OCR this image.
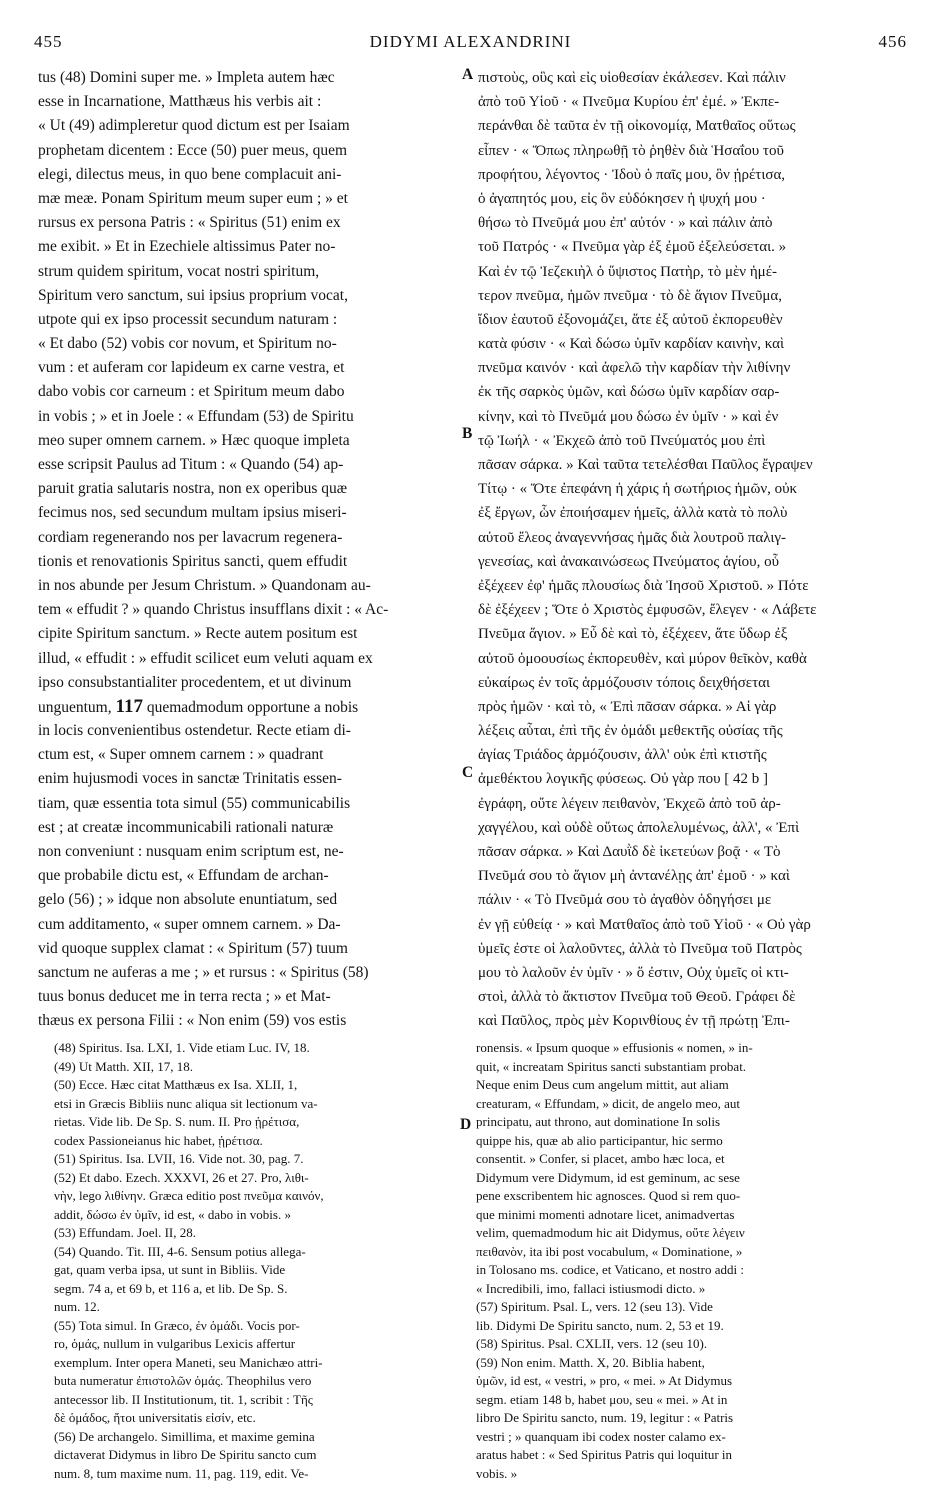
455	DIDYMI ALEXANDRINI	456
A
B
C
D
tus (48) Domini super me. » Impleta autem hæc
esse in Incarnatione, Matthæus his verbis ait :
« Ut (49) adimpleretur quod dictum est per Isaiam
prophetam dicentem : Ecce (50) puer meus, quem
elegi, dilectus meus, in quo bene complacuit ani-
mæ meæ. Ponam Spiritum meum super eum ; » et
rursus ex persona Patris : « Spiritus (51) enim ex
me exibit. » Et in Ezechiele altissimus Pater no-
strum quidem spiritum, vocat nostri spiritum,
Spiritum vero sanctum, sui ipsius proprium vocat,
utpote qui ex ipso processit secundum naturam :
« Et dabo (52) vobis cor novum, et Spiritum no-
vum : et auferam cor lapideum ex carne vestra, et
dabo vobis cor carneum : et Spiritum meum dabo
in vobis ; » et in Joele : « Effundam (53) de Spiritu
meo super omnem carnem. » Hæc quoque impleta
esse scripsit Paulus ad Titum : « Quando (54) ap-
paruit gratia salutaris nostra, non ex operibus quæ
fecimus nos, sed secundum multam ipsius miseri-
cordiam regenerando nos per lavacrum regenera-
tionis et renovationis Spiritus sancti, quem effudit
in nos abunde per Jesum Christum. » Quandonam au-
tem « effudit ? » quando Christus insufflans dixit : « Ac-
cipite Spiritum sanctum. » Recte autem positum est
illud, « effudit : » effudit scilicet eum veluti aquam ex
ipso consubstantialiter procedentem, et ut divinum
unguentum, 117 quemadmodum opportune a nobis
in locis convenientibus ostendetur. Recte etiam di-
ctum est, « Super omnem carnem : » quadrant
enim hujusmodi voces in sanctæ Trinitatis essen-
tiam, quæ essentia tota simul (55) communicabilis
est ; at creatæ incommunicabili rationali naturæ
non conveniunt : nusquam enim scriptum est, ne-
que probabile dictu est, « Effundam de archan-
gelo (56) ; » idque non absolute enuntiatum, sed
cum additamento, « super omnem carnem. » Da-
vid quoque supplex clamat : « Spiritum (57) tuum
sanctum ne auferas a me ; » et rursus : « Spiritus (58)
tuus bonus deducet me in terra recta ; » et Mat-
thæus ex persona Filii : « Non enim (59) vos estis
πιστοὺς, οὓς καὶ εἰς υἱοθεσίαν ἐκάλεσεν. Καὶ πάλιν
ἀπὸ τοῦ Υἱοῦ · « Πνεῦμα Κυρίου ἐπ' ἐμέ. » Ἐκπε-
περάνθαι δὲ ταῦτα ἐν τῇ οἰκονομίᾳ, Ματθαῖος οὕτως
εἶπεν · « Ὅπως πληρωθῇ τὸ ῥηθὲν διὰ Ἡσαΐου τοῦ
προφήτου, λέγοντος · Ἰδοὺ ὁ παῖς μου, ὃν ᾑρέτισα,
ὁ ἀγαπητός μου, εἰς ὃν εὐδόκησεν ἡ ψυχή μου ·
θήσω τὸ Πνεῦμά μου ἐπ' αὐτόν · » καὶ πάλιν ἀπὸ
τοῦ Πατρός · « Πνεῦμα γὰρ ἐξ ἐμοῦ ἐξελεύσεται. »
Καὶ ἐν τῷ Ἰεζεκιὴλ ὁ ὕψιστος Πατὴρ, τὸ μὲν ἡμέ-
τερον πνεῦμα, ἡμῶν πνεῦμα · τὸ δὲ ἅγιον Πνεῦμα,
ἴδιον ἑαυτοῦ ἐξονομάζει, ἅτε ἐξ αὐτοῦ ἐκπορευθὲν
κατὰ φύσιν · « Καὶ δώσω ὑμῖν καρδίαν καινὴν, καὶ
πνεῦμα καινόν · καὶ ἀφελῶ τὴν καρδίαν τὴν λιθίνην
ἐκ τῆς σαρκὸς ὑμῶν, καὶ δώσω ὑμῖν καρδίαν σαρ-
κίνην, καὶ τὸ Πνεῦμά μου δώσω ἐν ὑμῖν · » καὶ ἐν
τῷ Ἰωήλ · « Ἐκχεῶ ἀπὸ τοῦ Πνεύματός μου ἐπὶ
πᾶσαν σάρκα. » Καὶ ταῦτα τετελέσθαι Παῦλος ἔγραψεν
Τίτῳ · « Ὅτε ἐπεφάνη ἡ χάρις ἡ σωτήριος ἡμῶν, οὐκ
ἐξ ἔργων, ὧν ἐποιήσαμεν ἡμεῖς, ἀλλὰ κατὰ τὸ πολὺ
αὐτοῦ ἔλεος ἀναγεννήσας ἡμᾶς διὰ λουτροῦ παλιγ-
γενεσίας, καὶ ἀνακαινώσεως Πνεύματος ἁγίου, οὗ
ἐξέχεεν ἐφ' ἡμᾶς πλουσίως διὰ Ἰησοῦ Χριστοῦ. » Πότε
δὲ ἐξέχεεν ; Ὅτε ὁ Χριστὸς ἐμφυσῶν, ἔλεγεν · « Λάβετε
Πνεῦμα ἅγιον. » Εὖ δὲ καὶ τὸ, ἐξέχεεν, ἅτε ὕδωρ ἐξ
αὐτοῦ ὁμοουσίως ἐκπορευθὲν, καὶ μύρον θεῖκὸν, καθὰ
εὐκαίρως ἐν τοῖς ἁρμόζουσιν τόποις δειχθήσεται
πρὸς ἡμῶν · καὶ τὸ, « Ἐπὶ πᾶσαν σάρκα. » Αἱ γὰρ
λέξεις αὗται, ἐπὶ τῆς ἐν ὁμάδι μεθεκτῆς οὐσίας τῆς
ἁγίας Τριάδος ἁρμόζουσιν, ἀλλ' οὐκ ἐπὶ κτιστῆς
ἀμεθέκτου λογικῆς φύσεως. Οὐ γὰρ που [ 42 b ]
ἐγράφη, οὔτε λέγειν πειθανὸν, Ἐκχεῶ ἀπὸ τοῦ ἀρ-
χαγγέλου, καὶ οὐδὲ οὕτως ἀπολελυμένως, ἀλλ', « Ἐπὶ
πᾶσαν σάρκα. » Καὶ Δαυῒδ δὲ ἱκετεύων βοᾷ · « Τὸ
Πνεῦμά σου τὸ ἅγιον μὴ ἀντανέλῃς ἀπ' ἐμοῦ · » καὶ
πάλιν · « Τὸ Πνεῦμά σου τὸ ἀγαθὸν ὁδηγήσει με
ἐν γῇ εὐθείᾳ · » καὶ Ματθαῖος ἀπὸ τοῦ Υἱοῦ · « Οὐ γὰρ
ὑμεῖς ἐστε οἱ λαλοῦντες, ἀλλὰ τὸ Πνεῦμα τοῦ Πατρὸς
μου τὸ λαλοῦν ἐν ὑμῖν · » ὅ ἐστιν, Οὐχ ὑμεῖς οἱ κτι-
στοὶ, ἀλλὰ τὸ ἄκτιστον Πνεῦμα τοῦ Θεοῦ. Γράφει δὲ
καὶ Παῦλος, πρὸς μὲν Κορινθίους ἐν τῇ πρώτῃ Ἐπι-
(48) Spiritus. Isa. LXI, 1. Vide etiam Luc. IV, 18.
(49) Ut Matth. XII, 17, 18.
(50) Ecce. Hæc citat Matthæus ex Isa. XLII, 1,
etsi in Græcis Bibliis nunc aliqua sit lectionum va-
rietas. Vide lib. De Sp. S. num. II. Pro ᾑρέτισα,
codex Passioneianus hic habet, ᾑρέτισα.
(51) Spiritus. Isa. LVII, 16. Vide not. 30, pag. 7.
(52) Et dabo. Ezech. XXXVI, 26 et 27. Pro, λιθι-
νὴν, lego λιθίνην. Græca editio post πνεῦμα καινόν,
addit, δώσω ἐν ὑμῖν, id est, « dabo in vobis. »
(53) Effundam. Joel. II, 28.
(54) Quando. Tit. III, 4-6. Sensum potius allega-
gat, quam verba ipsa, ut sunt in Bibliis. Vide
segm. 74 a, et 69 b, et 116 a, et lib. De Sp. S.
num. 12.
(55) Tota simul. In Græco, ἐν ὁμάδι. Vocis por-
ro, ὁμάς, nullum in vulgaribus Lexicis affertur
exemplum. Inter opera Maneti, seu Manichæo attri-
buta numeratur ἐπιστολῶν ὁμάς. Theophilus vero
antecessor lib. II Institutionum, tit. 1, scribit : Τῆς
δὲ ὁμάδος, ἤτοι universitatis εἰσίν, etc.
(56) De archangelo. Simillima, et maxime gemina
dictaverat Didymus in libro De Spiritu sancto cum
num. 8, tum maxime num. 11, pag. 119, edit. Ve-
ronensis. « Ipsum quoque » effusionis « nomen, » in-
quit, « increatam Spiritus sancti substantiam probat.
Neque enim Deus cum angelum mittit, aut aliam
creaturam, « Effundam, » dicit, de angelo meo, aut
principatu, aut throno, aut dominatione In solis
quippe his, quæ ab alio participantur, hic sermo
consentit. » Confer, si placet, ambo hæc loca, et
Didymum vere Didymum, id est geminum, ac sese
pene exscribentem hic agnosces. Quod si rem quo-
que minimi momenti adnotare licet, animadvertas
velim, quemadmodum hic ait Didymus, οὔτε λέγειν
πειθανὸν, ita ibi post vocabulum, « Dominatione, »
in Tolosano ms. codice, et Vaticano, et nostro addi :
« Incredibili, imo, fallaci istiusmodi dicto. »
(57) Spiritum. Psal. L, vers. 12 (seu 13). Vide
lib. Didymi De Spiritu sancto, num. 2, 53 et 19.
(58) Spiritus. Psal. CXLII, vers. 12 (seu 10).
(59) Non enim. Matth. X, 20. Biblia habent,
ὑμῶν, id est, « vestri, » pro, « mei. » At Didymus
segm. etiam 148 b, habet μου, seu « mei. » At in
libro De Spiritu sancto, num. 19, legitur : « Patris
vestri ; » quanquam ibi codex noster calamo ex-
aratus habet : « Sed Spiritus Patris qui loquitur in
vobis. »
